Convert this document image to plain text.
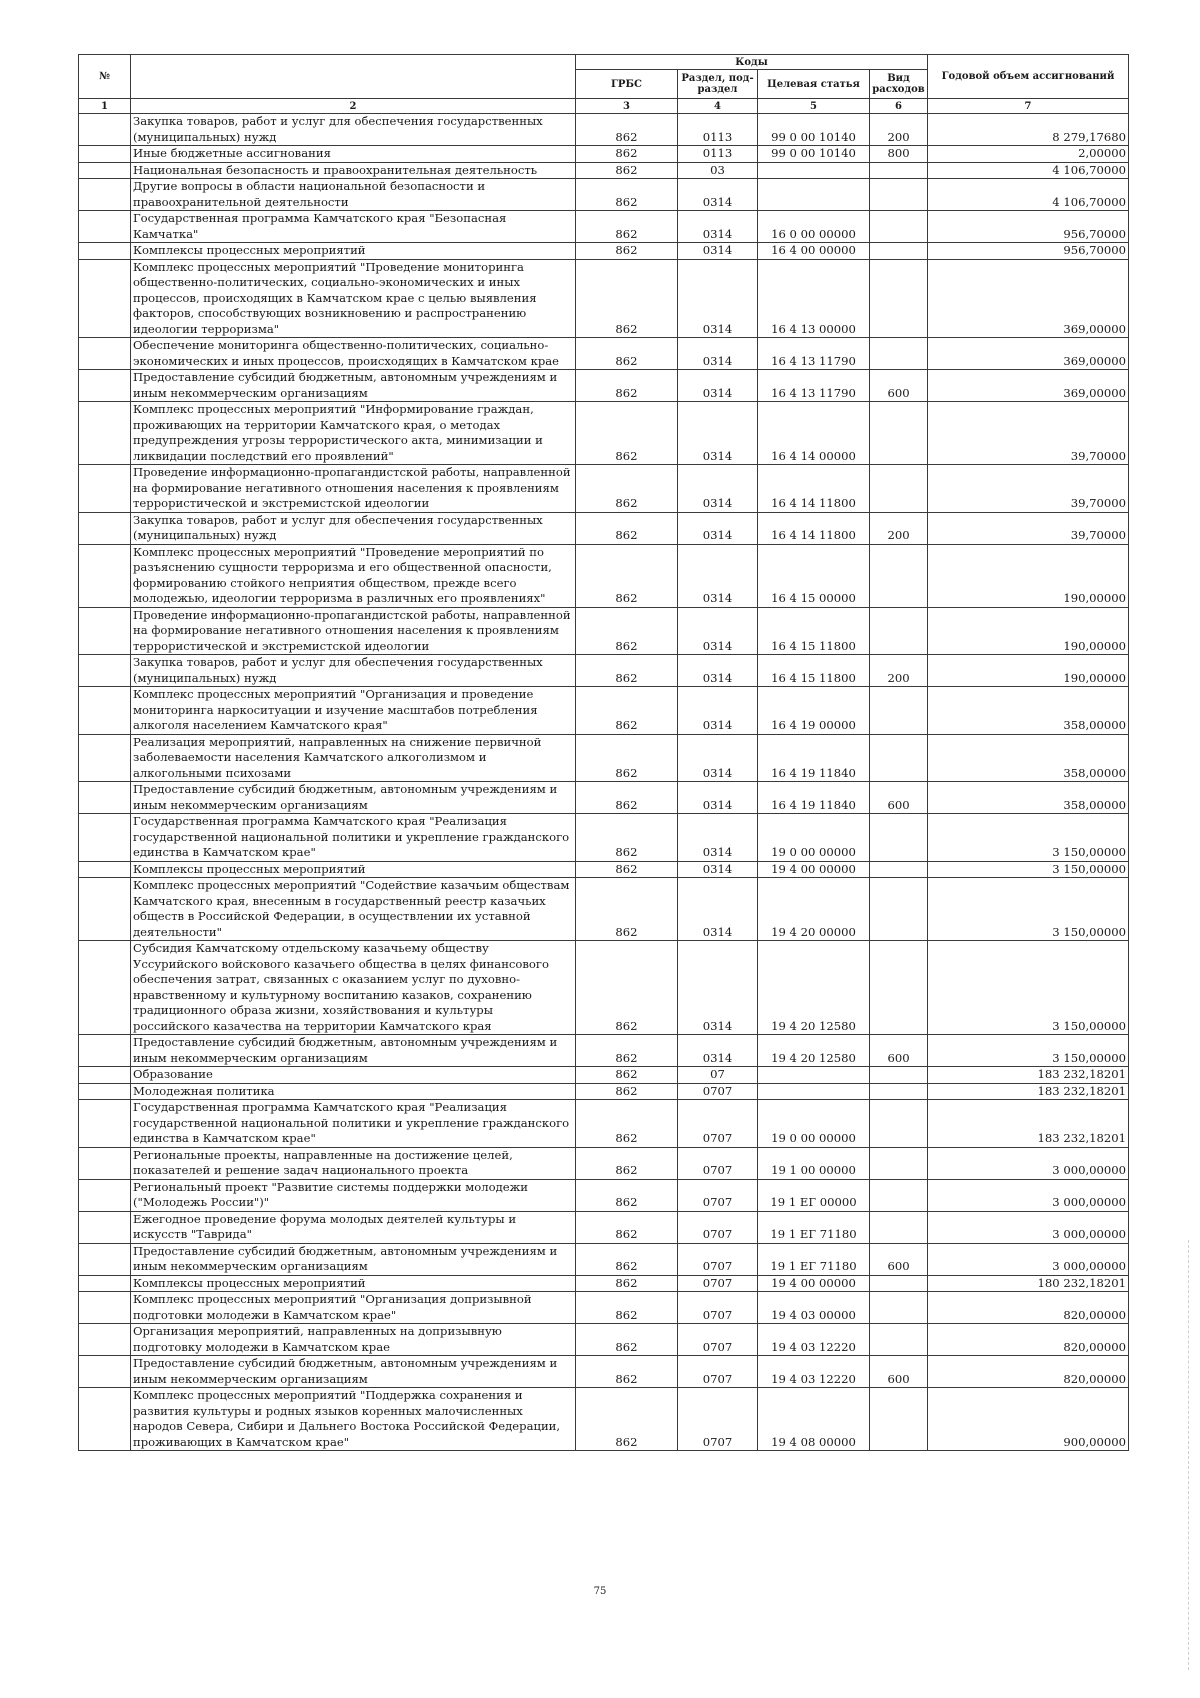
№		Коды				Годовой объем ассигнований
		ГРБС	Раздел, под-раздел	Целевая статья	Вид расходов	
1	2	3	4	5	6	7
	Закупка товаров, работ и услуг для обеспечения государственных (муниципальных) нужд	862	0113	99 0 00 10140	200	8 279,17680
	Иные бюджетные ассигнования	862	0113	99 0 00 10140	800	2,00000
	Национальная безопасность и правоохранительная деятельность	862	03			4 106,70000
	Другие вопросы в области национальной безопасности и правоохранительной деятельности	862	0314			4 106,70000
	Государственная программа Камчатского края "Безопасная Камчатка"	862	0314	16 0 00 00000		956,70000
	Комплексы процессных мероприятий	862	0314	16 4 00 00000		956,70000
	Комплекс процессных мероприятий "Проведение мониторинга общественно-политических, социально-экономических и иных процессов, происходящих в Камчатском крае с целью выявления факторов, способствующих возникновению и распространению идеологии терроризма"	862	0314	16 4 13 00000		369,00000
	Обеспечение мониторинга общественно-политических, социально-экономических и иных процессов, происходящих в Камчатском крае	862	0314	16 4 13 11790		369,00000
	Предоставление субсидий бюджетным, автономным учреждениям и иным некоммерческим организациям	862	0314	16 4 13 11790	600	369,00000
	Комплекс процессных мероприятий "Информирование граждан, проживающих на территории Камчатского края, о методах предупреждения угрозы террористического акта, минимизации и ликвидации последствий его проявлений"	862	0314	16 4 14 00000		39,70000
	Проведение информационно-пропагандистской работы, направленной на формирование негативного отношения населения к проявлениям террористической и экстремистской идеологии	862	0314	16 4 14 11800		39,70000
	Закупка товаров, работ и услуг для обеспечения государственных (муниципальных) нужд	862	0314	16 4 14 11800	200	39,70000
	Комплекс процессных мероприятий "Проведение мероприятий по разъяснению сущности терроризма и его общественной опасности, формированию стойкого неприятия обществом, прежде всего молодежью, идеологии терроризма в различных его проявлениях"	862	0314	16 4 15 00000		190,00000
	Проведение информационно-пропагандистской работы, направленной на формирование негативного отношения населения к проявлениям террористической и экстремистской идеологии	862	0314	16 4 15 11800		190,00000
	Закупка товаров, работ и услуг для обеспечения государственных (муниципальных) нужд	862	0314	16 4 15 11800	200	190,00000
	Комплекс процессных мероприятий "Организация и проведение мониторинга наркоситуации и изучение масштабов потребления алкоголя населением Камчатского края"	862	0314	16 4 19 00000		358,00000
	Реализация мероприятий, направленных на снижение первичной заболеваемости населения Камчатского алкоголизмом и алкогольными психозами	862	0314	16 4 19 11840		358,00000
	Предоставление субсидий бюджетным, автономным учреждениям и иным некоммерческим организациям	862	0314	16 4 19 11840	600	358,00000
	Государственная программа Камчатского края "Реализация государственной национальной политики и укрепление гражданского единства в Камчатском крае"	862	0314	19 0 00 00000		3 150,00000
	Комплексы процессных мероприятий	862	0314	19 4 00 00000		3 150,00000
	Комплекс процессных мероприятий "Содействие казачьим обществам Камчатского края, внесенным в государственный реестр казачьих обществ в Российской Федерации, в осуществлении их уставной деятельности"	862	0314	19 4 20 00000		3 150,00000
	Субсидия Камчатскому отдельскому казачьему обществу Уссурийского войскового казачьего общества в целях финансового обеспечения затрат, связанных с оказанием услуг по духовно-нравственному и культурному воспитанию казаков, сохранению традиционного образа жизни, хозяйствования и культуры российского казачества на территории Камчатского края	862	0314	19 4 20 12580		3 150,00000
	Предоставление субсидий бюджетным, автономным учреждениям и иным некоммерческим организациям	862	0314	19 4 20 12580	600	3 150,00000
	Образование	862	07			183 232,18201
	Молодежная политика	862	0707			183 232,18201
	Государственная программа Камчатского края "Реализация государственной национальной политики и укрепление гражданского единства в Камчатском крае"	862	0707	19 0 00 00000		183 232,18201
	Региональные проекты, направленные на достижение целей, показателей и решение задач национального проекта	862	0707	19 1 00 00000		3 000,00000
	Региональный проект "Развитие системы поддержки молодежи ("Молодежь России")"	862	0707	19 1 ЕГ 00000		3 000,00000
	Ежегодное проведение форума молодых деятелей культуры и искусств "Таврида"	862	0707	19 1 ЕГ 71180		3 000,00000
	Предоставление субсидий бюджетным, автономным учреждениям и иным некоммерческим организациям	862	0707	19 1 ЕГ 71180	600	3 000,00000
	Комплексы процессных мероприятий	862	0707	19 4 00 00000		180 232,18201
	Комплекс процессных мероприятий "Организация допризывной подготовки молодежи в Камчатском крае"	862	0707	19 4 03 00000		820,00000
	Организация мероприятий, направленных на допризывную подготовку молодежи в Камчатском крае	862	0707	19 4 03 12220		820,00000
	Предоставление субсидий бюджетным, автономным учреждениям и иным некоммерческим организациям	862	0707	19 4 03 12220	600	820,00000
	Комплекс процессных мероприятий "Поддержка сохранения и развития культуры и родных языков коренных малочисленных народов Севера, Сибири и Дальнего Востока Российской Федерации, проживающих в Камчатском крае"	862	0707	19 4 08 00000		900,00000
75
